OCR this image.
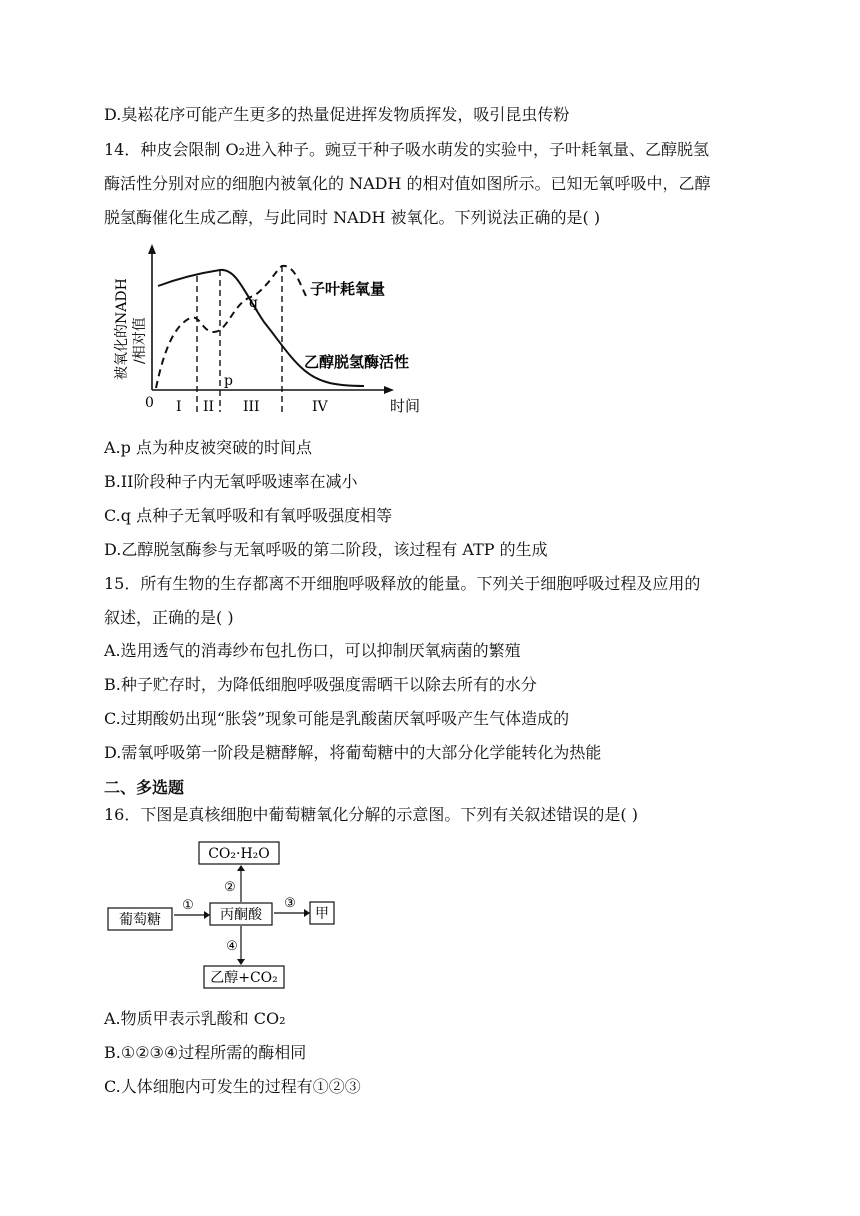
D.臭崧花序可能产生更多的热量促进挥发物质挥发，吸引昆虫传粉
14．种皮会限制 O₂进入种子。豌豆干种子吸水萌发的实验中，子叶耗氧量、乙醇脱氢
酶活性分别对应的细胞内被氧化的 NADH 的相对值如图所示。已知无氧呼吸中，乙醇
脱氢酶催化生成乙醇，与此同时 NADH 被氧化。下列说法正确的是( )
被氧化的NADH /相对值
0	时间
I II III	IV
q
p
子叶耗氧量
乙醇脱氢酶活性
A.p 点为种皮被突破的时间点
B.II阶段种子内无氧呼吸速率在减小
C.q 点种子无氧呼吸和有氧呼吸强度相等
D.乙醇脱氢酶参与无氧呼吸的第二阶段，该过程有 ATP 的生成
15．所有生物的生存都离不开细胞呼吸释放的能量。下列关于细胞呼吸过程及应用的
叙述，正确的是( )
A.选用透气的消毒纱布包扎伤口，可以抑制厌氧病菌的繁殖
B.种子贮存时，为降低细胞呼吸强度需晒干以除去所有的水分
C.过期酸奶出现“胀袋”现象可能是乳酸菌厌氧呼吸产生气体造成的
D.需氧呼吸第一阶段是糖酵解，将葡萄糖中的大部分化学能转化为热能
二、多选题
16．下图是真核细胞中葡萄糖氧化分解的示意图。下列有关叙述错误的是( )
CO₂·H₂O
葡萄糖	丙酮酸	甲
乙醇+CO₂
①
②
③
④
A.物质甲表示乳酸和 CO₂
B.①②③④过程所需的酶相同
C.人体细胞内可发生的过程有①②③
